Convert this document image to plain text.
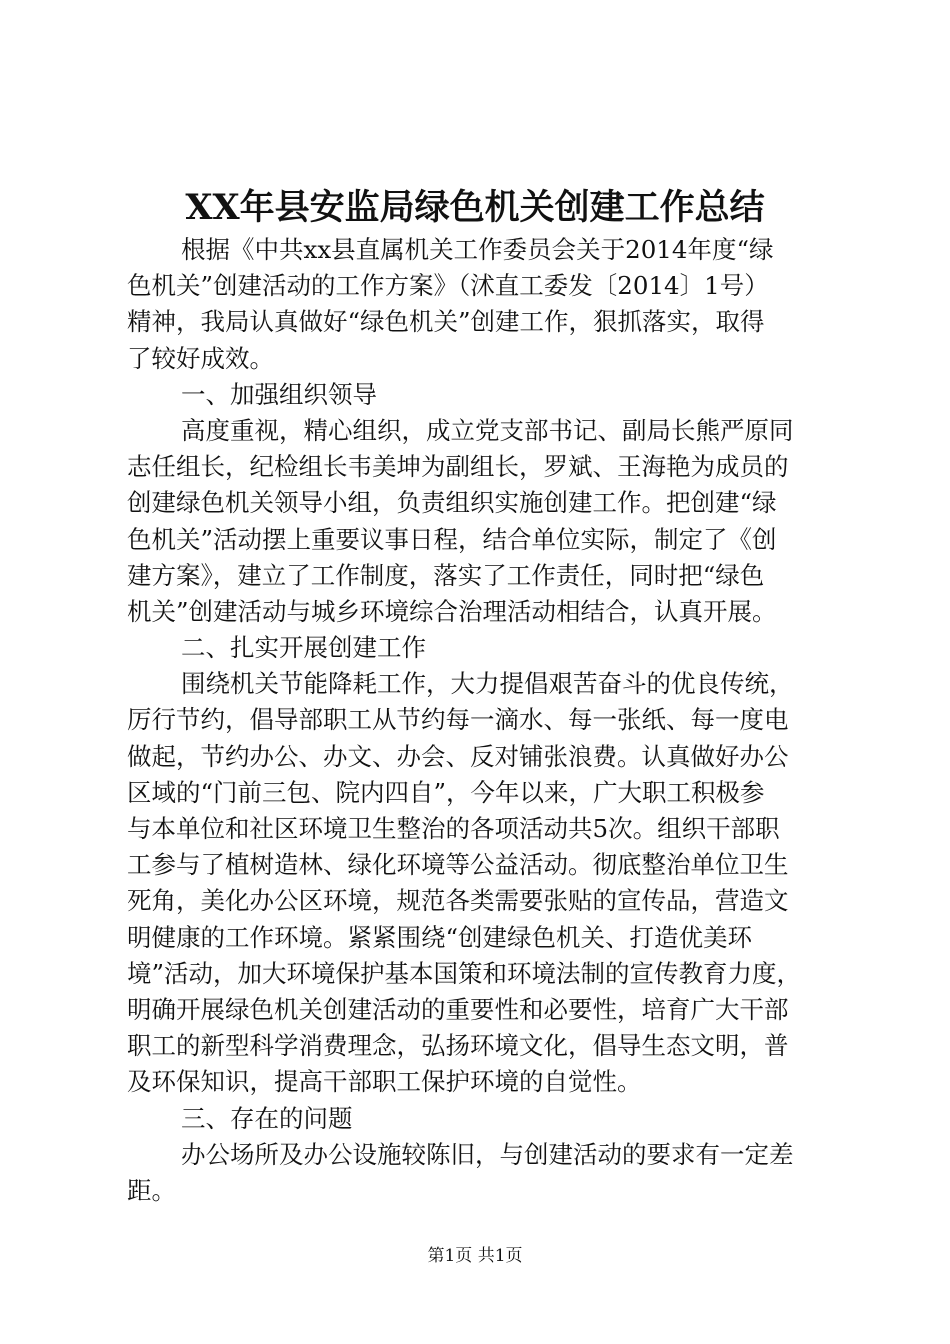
XX年县安监局绿色机关创建工作总结
根据《中共xx县直属机关工作委员会关于2014年度“绿
色机关”创建活动的工作方案》（沭直工委发〔2014〕1号）
精神，我局认真做好“绿色机关”创建工作，狠抓落实，取得
了较好成效。
一、加强组织领导
高度重视，精心组织，成立党支部书记、副局长熊严原同
志任组长，纪检组长韦美坤为副组长，罗斌、王海艳为成员的
创建绿色机关领导小组，负责组织实施创建工作。把创建“绿
色机关”活动摆上重要议事日程，结合单位实际，制定了《创
建方案》，建立了工作制度，落实了工作责任，同时把“绿色
机关”创建活动与城乡环境综合治理活动相结合，认真开展。
二、扎实开展创建工作
围绕机关节能降耗工作，大力提倡艰苦奋斗的优良传统，
厉行节约，倡导部职工从节约每一滴水、每一张纸、每一度电
做起，节约办公、办文、办会、反对铺张浪费。认真做好办公
区域的“门前三包、院内四自”，今年以来，广大职工积极参
与本单位和社区环境卫生整治的各项活动共5次。组织干部职
工参与了植树造林、绿化环境等公益活动。彻底整治单位卫生
死角，美化办公区环境，规范各类需要张贴的宣传品，营造文
明健康的工作环境。紧紧围绕“创建绿色机关、打造优美环
境”活动，加大环境保护基本国策和环境法制的宣传教育力度，
明确开展绿色机关创建活动的重要性和必要性，培育广大干部
职工的新型科学消费理念，弘扬环境文化，倡导生态文明，普
及环保知识，提高干部职工保护环境的自觉性。
三、存在的问题
办公场所及办公设施较陈旧，与创建活动的要求有一定差
距。
第1页 共1页
